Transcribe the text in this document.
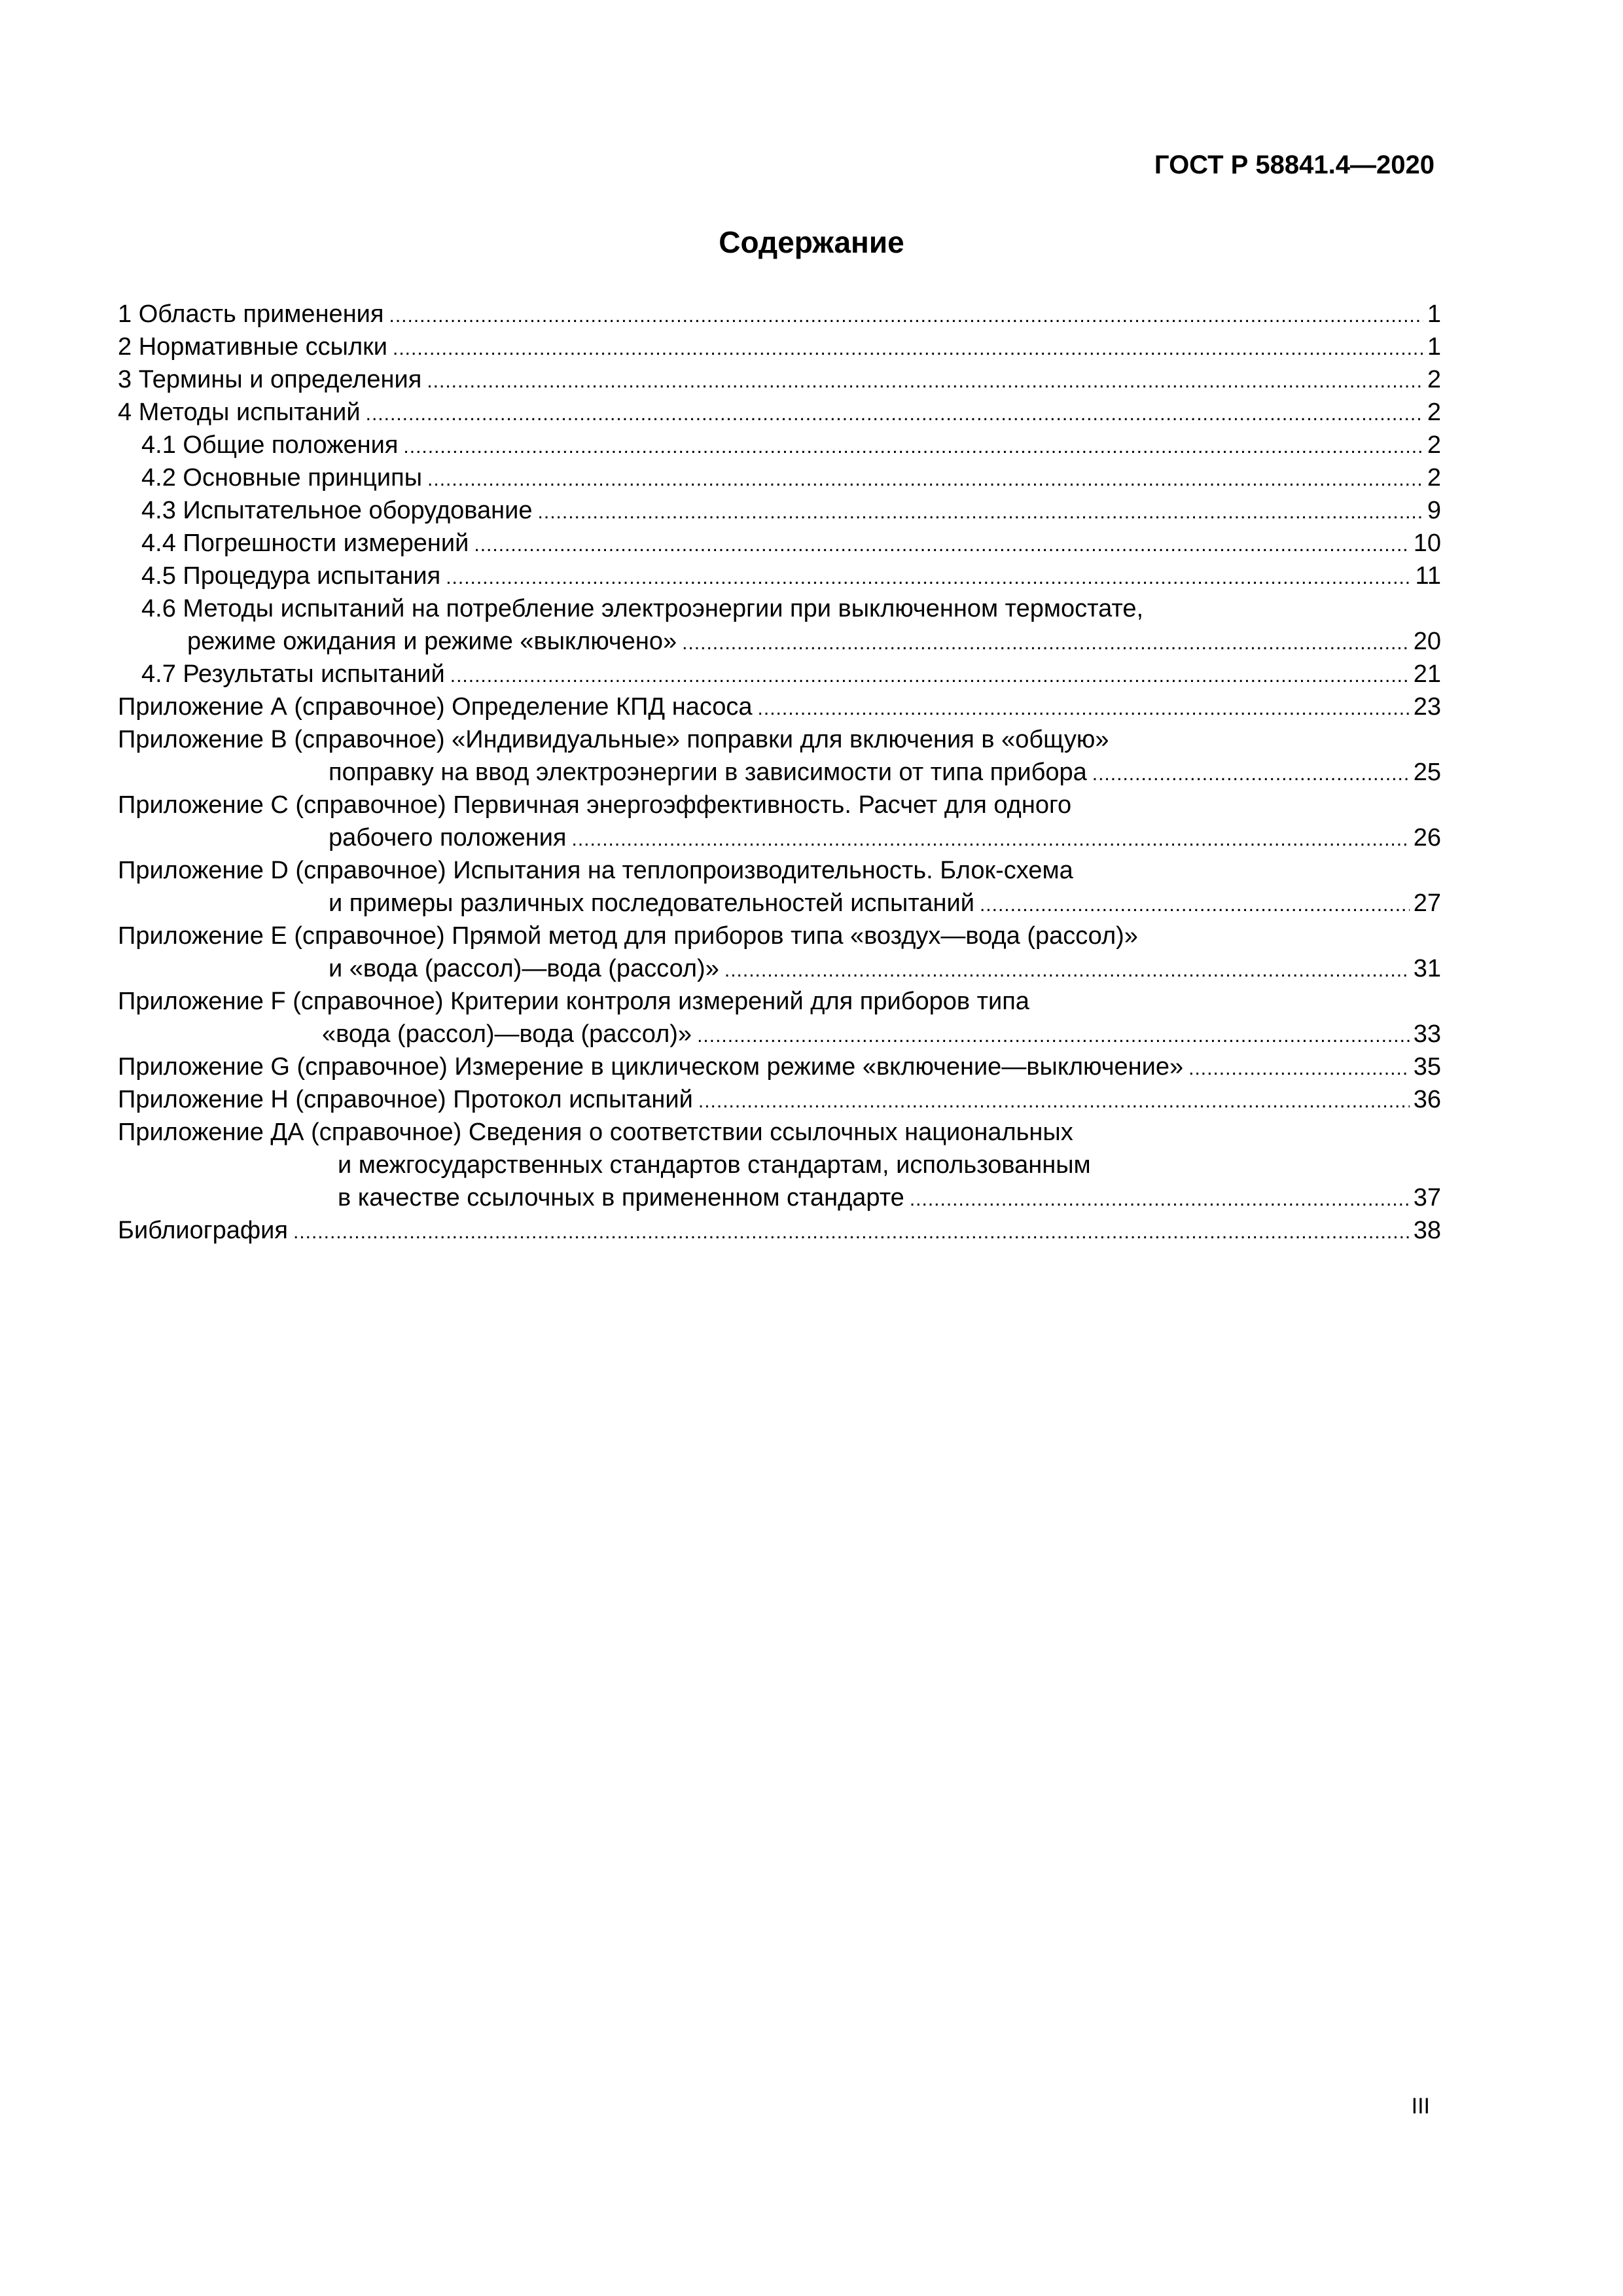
ГОСТ Р 58841.4—2020
Содержание
1 Область применения .....	1
2 Нормативные ссылки .....	1
3 Термины и определения .....	2
4 Методы испытаний .....	2
4.1 Общие положения .....	2
4.2 Основные принципы .....	2
4.3 Испытательное оборудование .....	9
4.4 Погрешности измерений .....	10
4.5 Процедура испытания .....	11
4.6 Методы испытаний на потребление электроэнергии при выключенном термостате,
режиме ожидания и режиме «выключено» .....	20
4.7 Результаты испытаний .....	21
Приложение А (справочное) Определение КПД насоса .....	23
Приложение В (справочное) «Индивидуальные» поправки для включения в «общую»
поправку на ввод электроэнергии в зависимости от типа прибора .....	25
Приложение С (справочное) Первичная энергоэффективность. Расчет для одного
рабочего положения .....	26
Приложение D (справочное) Испытания на теплопроизводительность. Блок-схема
и примеры различных последовательностей испытаний .....	27
Приложение Е (справочное) Прямой метод для приборов типа «воздух—вода (рассол)»
и «вода (рассол)—вода (рассол)» .....	31
Приложение F (справочное) Критерии контроля измерений для приборов типа
«вода (рассол)—вода (рассол)» .....	33
Приложение G (справочное) Измерение в циклическом режиме «включение—выключение» .....	35
Приложение Н (справочное) Протокол испытаний .....	36
Приложение ДА (справочное) Сведения о соответствии ссылочных национальных
и межгосударственных стандартов стандартам, использованным
в качестве ссылочных в примененном стандарте .....	37
Библиография .....	38
III
